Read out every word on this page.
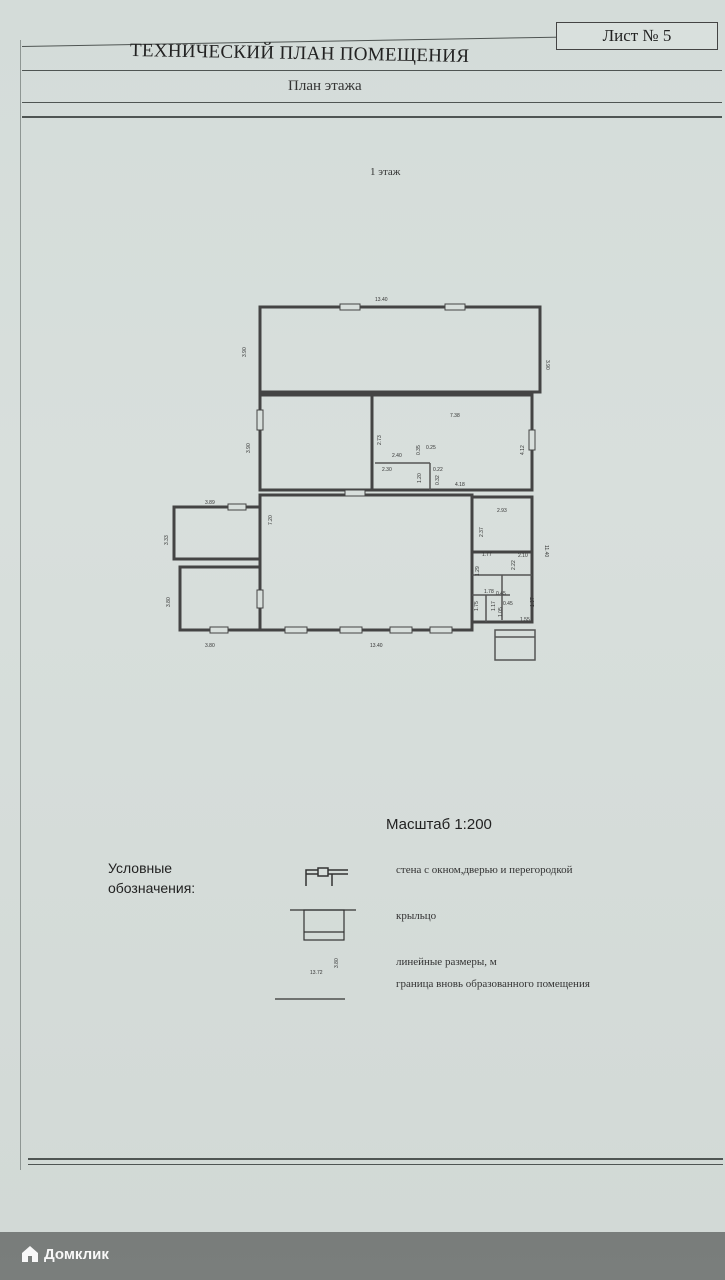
Лист № 5
ТЕХНИЧЕСКИЙ ПЛАН ПОМЕЩЕНИЯ
План этажа
1 этаж
13.40
13.40
11.40
3.80
3.89
7.38
3.90
3.90
3.90
7.20
3.33
3.80
4.12
2.73
2.40
0.35 0.25
2.30
1.20
0.22
0.32	4.18
2.93
2.37
1.77
1.29
2.22
2.10
1.78 0.45
1.75 1.17 0.45
1.05
1.55
1.37
Масштаб 1:200
Условные обозначения:
стена с окном,дверью и перегородкой
крыльцо
13.72
3.80	линейные размеры, м
граница вновь образованного помещения
Домклик
